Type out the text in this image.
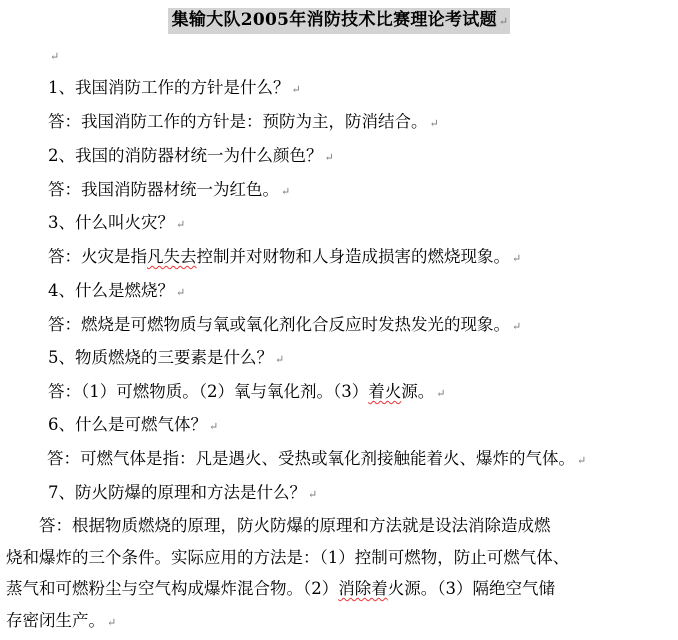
集输大队2005年消防技术比赛理论考试题 ↵
↵
1、我国消防工作的方针是什么？ ↵
答：我国消防工作的方针是：预防为主，防消结合。 ↵
2、我国的消防器材统一为什么颜色？ ↵
答：我国消防器材统一为红色。 ↵
3、什么叫火灾？ ↵
答：火灾是指凡失去控制并对财物和人身造成损害的燃烧现象。 ↵
4、什么是燃烧？ ↵
答：燃烧是可燃物质与氧或氧化剂化合反应时发热发光的现象。 ↵
5、物质燃烧的三要素是什么？ ↵
答：（1）可燃物质。（2）氧与氧化剂。（3）着火源。 ↵
6、什么是可燃气体？ ↵
答：可燃气体是指：凡是遇火、受热或氧化剂接触能着火、爆炸的气体。 ↵
7、防火防爆的原理和方法是什么？ ↵
　　答：根据物质燃烧的原理，防火防爆的原理和方法就是设法消除造成燃
烧和爆炸的三个条件。实际应用的方法是：（1）控制可燃物，防止可燃气体、
蒸气和可燃粉尘与空气构成爆炸混合物。（2）消除着火源。（3）隔绝空气储
存密闭生产。 ↵
